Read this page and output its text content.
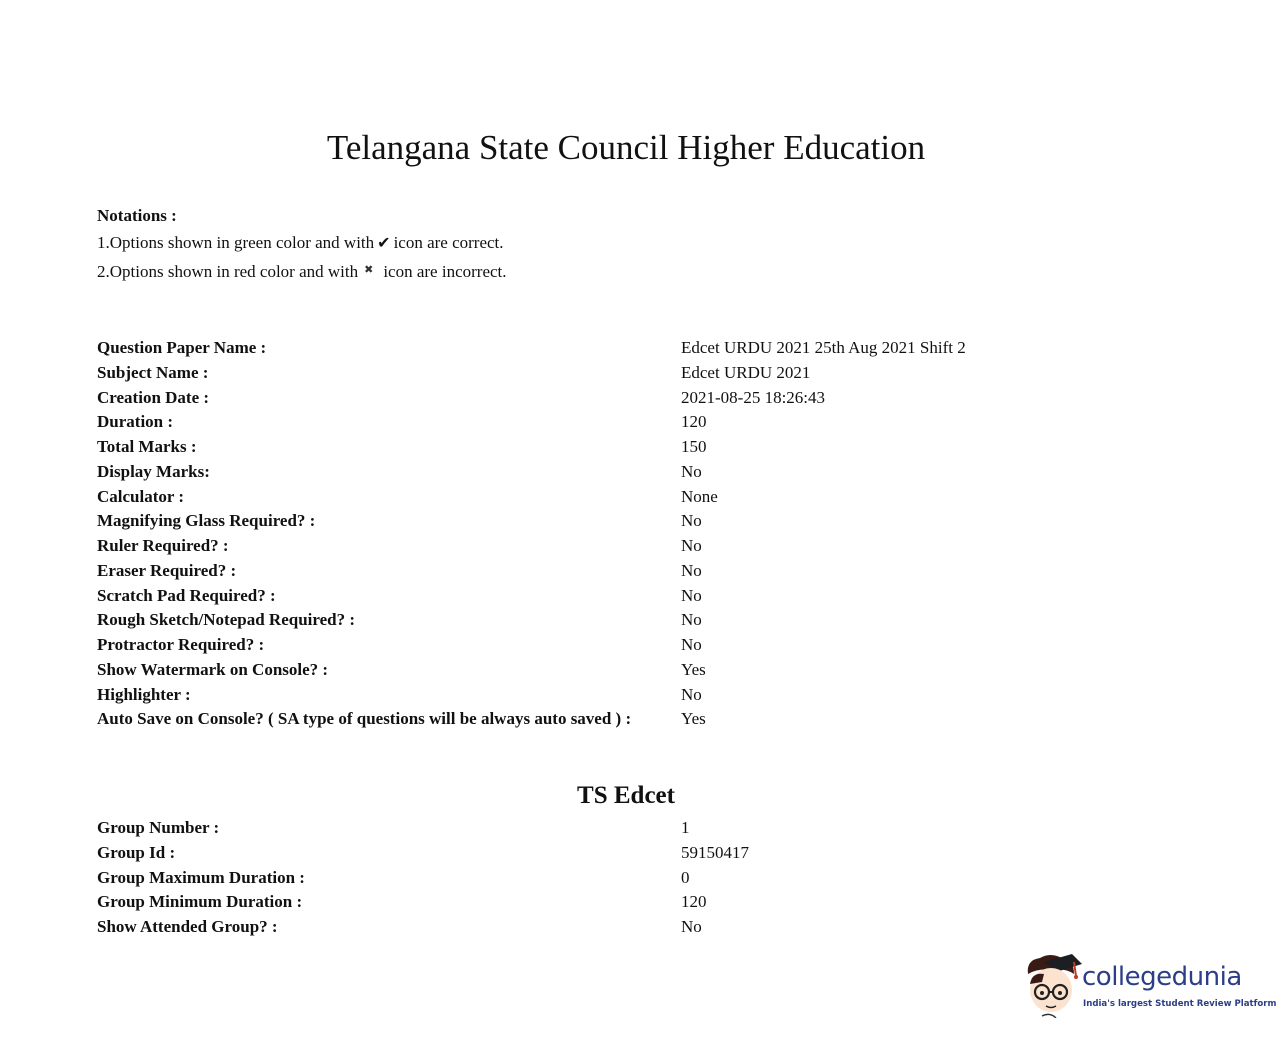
Telangana State Council Higher Education
Notations :
1.Options shown in green color and with ✔ icon are correct.
2.Options shown in red color and with ✖ icon are incorrect.
Question Paper Name :	Edcet URDU 2021 25th Aug 2021 Shift 2
Subject Name :	Edcet URDU 2021
Creation Date :	2021-08-25 18:26:43
Duration :	120
Total Marks :	150
Display Marks:	No
Calculator :	None
Magnifying Glass Required? :	No
Ruler Required? :	No
Eraser Required? :	No
Scratch Pad Required? :	No
Rough Sketch/Notepad Required? :	No
Protractor Required? :	No
Show Watermark on Console? :	Yes
Highlighter :	No
Auto Save on Console? ( SA type of questions will be always auto saved ) :	Yes
TS Edcet
Group Number :	1
Group Id :	59150417
Group Maximum Duration :	0
Group Minimum Duration :	120
Show Attended Group? :	No
collegedunia
India's largest Student Review Platform
